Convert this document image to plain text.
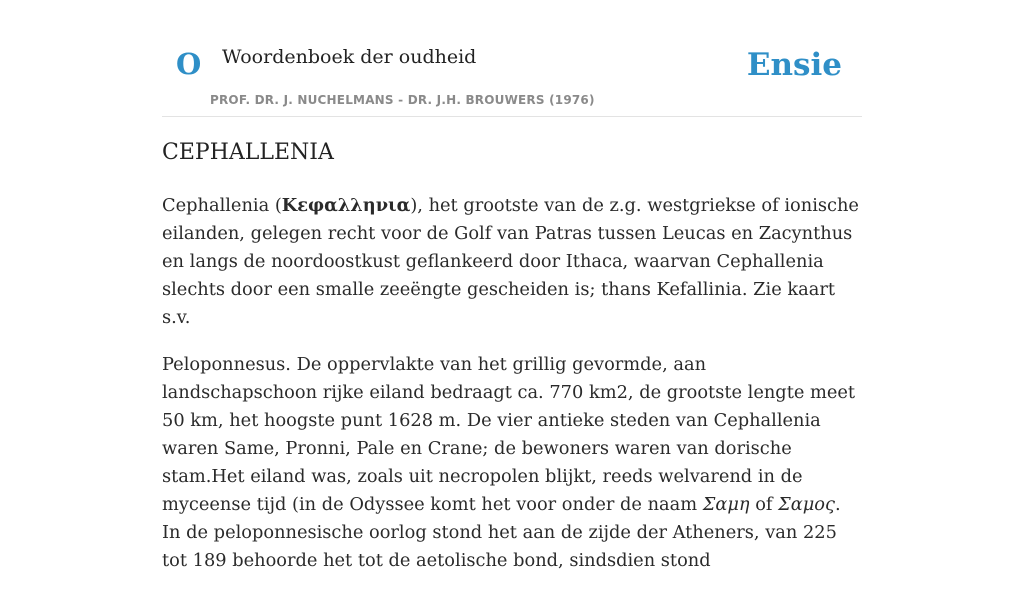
O Woordenboek der oudheid	Ensie
PROF. DR. J. NUCHELMANS - DR. J.H. BROUWERS (1976)
CEPHALLENIA

Cephallenia (Κεφαλληνια), het grootste van de z.g. westgriekse of ionische eilanden, gelegen recht voor de Golf van Patras tussen Leucas en Zacynthus en langs de noordoostkust geflankeerd door Ithaca, waarvan Cephallenia slechts door een smalle zeeëngte gescheiden is; thans Kefallinia. Zie kaart s.v.

Peloponnesus. De oppervlakte van het grillig gevormde, aan landschapschoon rijke eiland bedraagt ca. 770 km2, de grootste lengte meet 50 km, het hoogste punt 1628 m. De vier antieke steden van Cephallenia waren Same, Pronni, Pale en Crane; de bewoners waren van dorische stam.Het eiland was, zoals uit necropolen blijkt, reeds welvarend in de myceense tijd (in de Odyssee komt het voor onder de naam Σαμη of Σαμος. In de peloponnesische oorlog stond het aan de zijde der Atheners, van 225 tot 189 behoorde het tot de aetolische bond, sindsdien stond
